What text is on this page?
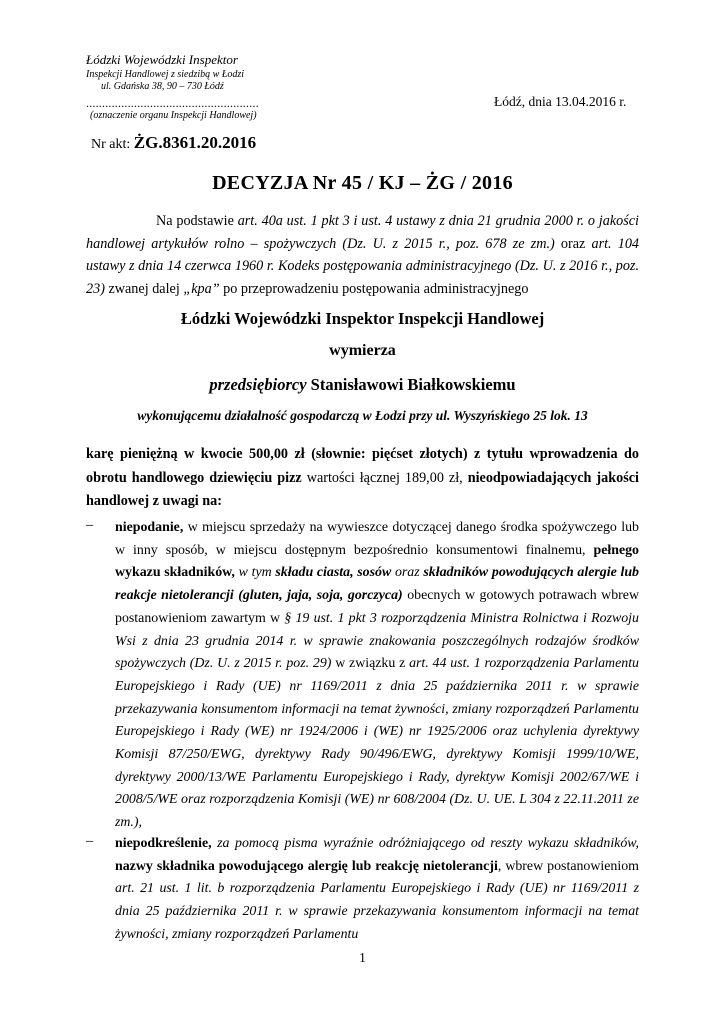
Łódzki Wojewódzki Inspektor
Inspekcji Handlowej z siedzibą w Łodzi
ul. Gdańska 38, 90 – 730 Łódź
......................................................
(oznaczenie organu Inspekcji Handlowej)
Łódź, dnia 13.04.2016 r.
Nr akt: ŻG.8361.20.2016
DECYZJA Nr 45 / KJ – ŻG / 2016
Na podstawie art. 40a ust. 1 pkt 3 i ust. 4 ustawy z dnia 21 grudnia 2000 r. o jakości handlowej artykułów rolno – spożywczych (Dz. U. z 2015 r., poz. 678 ze zm.) oraz art. 104 ustawy z dnia 14 czerwca 1960 r. Kodeks postępowania administracyjnego (Dz. U. z 2016 r., poz. 23) zwanej dalej „kpa” po przeprowadzeniu postępowania administracyjnego
Łódzki Wojewódzki Inspektor Inspekcji Handlowej
wymierza
przedsiębiorcy Stanisławowi Białkowskiemu
wykonującemu działalność gospodarczą w Łodzi przy ul. Wyszyńskiego 25 lok. 13
karę pieniężną w kwocie 500,00 zł (słownie: pięćset złotych) z tytułu wprowadzenia do obrotu handlowego dziewięciu pizz wartości łącznej 189,00 zł, nieodpowiadających jakości handlowej z uwagi na:
– niepodanie, w miejscu sprzedaży na wywieszce dotyczącej danego środka spożywczego lub w inny sposób, w miejscu dostępnym bezpośrednio konsumentowi finalnemu, pełnego wykazu składników, w tym składu ciasta, sosów oraz składników powodujących alergie lub reakcje nietolerancji (gluten, jaja, soja, gorczyca) obecnych w gotowych potrawach wbrew postanowieniom zawartym w § 19 ust. 1 pkt 3 rozporządzenia Ministra Rolnictwa i Rozwoju Wsi z dnia 23 grudnia 2014 r. w sprawie znakowania poszczególnych rodzajów środków spożywczych (Dz. U. z 2015 r. poz. 29) w związku z art. 44 ust. 1 rozporządzenia Parlamentu Europejskiego i Rady (UE) nr 1169/2011 z dnia 25 października 2011 r. w sprawie przekazywania konsumentom informacji na temat żywności, zmiany rozporządzeń Parlamentu Europejskiego i Rady (WE) nr 1924/2006 i (WE) nr 1925/2006 oraz uchylenia dyrektywy Komisji 87/250/EWG, dyrektywy Rady 90/496/EWG, dyrektywy Komisji 1999/10/WE, dyrektywy 2000/13/WE Parlamentu Europejskiego i Rady, dyrektyw Komisji 2002/67/WE i 2008/5/WE oraz rozporządzenia Komisji (WE) nr 608/2004 (Dz. U. UE. L 304 z 22.11.2011 ze zm.),
– niepodkreślenie, za pomocą pisma wyraźnie odróżniającego od reszty wykazu składników, nazwy składnika powodującego alergię lub reakcję nietolerancji, wbrew postanowieniom art. 21 ust. 1 lit. b rozporządzenia Parlamentu Europejskiego i Rady (UE) nr 1169/2011 z dnia 25 października 2011 r. w sprawie przekazywania konsumentom informacji na temat żywności, zmiany rozporządzeń Parlamentu
1
